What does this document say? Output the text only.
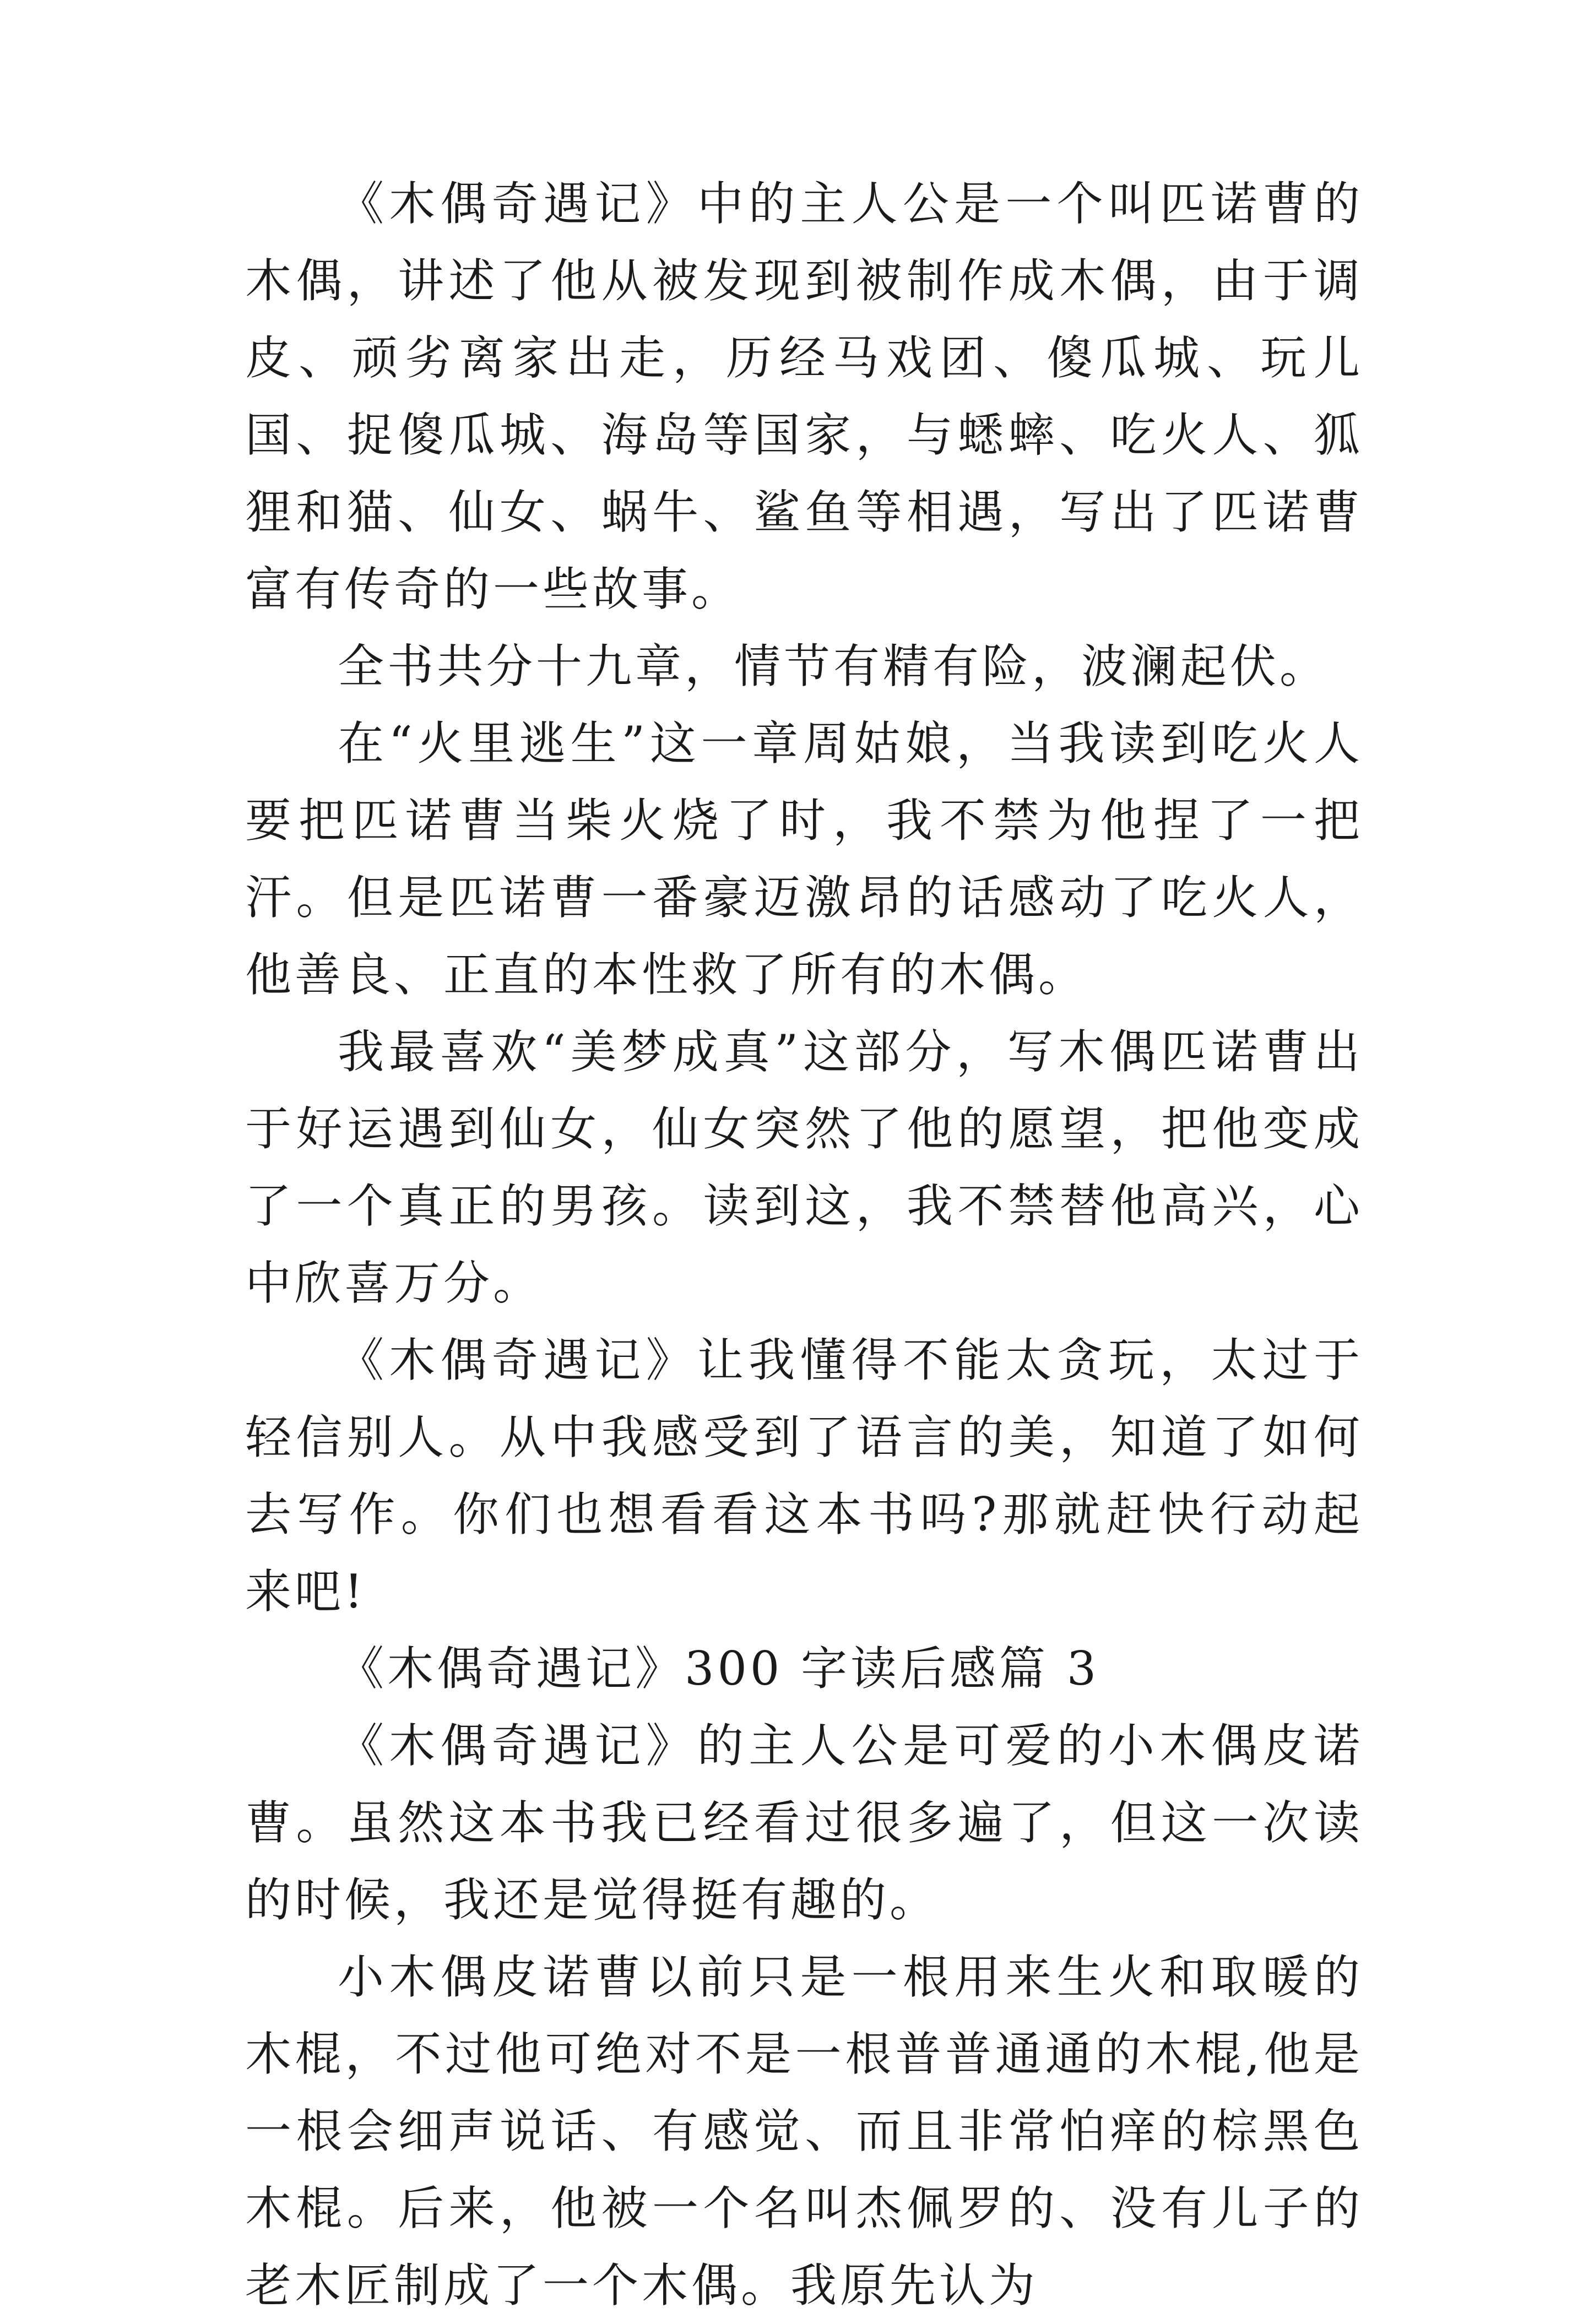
《木偶奇遇记》中的主人公是一个叫匹诺曹的木偶，讲述了他从被发现到被制作成木偶，由于调皮、顽劣离家出走，历经马戏团、傻瓜城、玩儿国、捉傻瓜城、海岛等国家，与蟋蟀、吃火人、狐狸和猫、仙女、蜗牛、鲨鱼等相遇，写出了匹诺曹富有传奇的一些故事。

全书共分十九章，情节有精有险，波澜起伏。

在“火里逃生”这一章周姑娘，当我读到吃火人要把匹诺曹当柴火烧了时，我不禁为他捏了一把汗。但是匹诺曹一番豪迈激昂的话感动了吃火人，他善良、正直的本性救了所有的木偶。

我最喜欢“美梦成真”这部分，写木偶匹诺曹出于好运遇到仙女，仙女突然了他的愿望，把他变成了一个真正的男孩。读到这，我不禁替他高兴，心中欣喜万分。

《木偶奇遇记》让我懂得不能太贪玩，太过于轻信别人。从中我感受到了语言的美，知道了如何去写作。你们也想看看这本书吗?那就赶快行动起来吧!

《木偶奇遇记》300 字读后感篇 3

《木偶奇遇记》的主人公是可爱的小木偶皮诺曹。虽然这本书我已经看过很多遍了，但这一次读的时候，我还是觉得挺有趣的。

小木偶皮诺曹以前只是一根用来生火和取暖的木棍，不过他可绝对不是一根普普通通的木棍,他是一根会细声说话、有感觉、而且非常怕痒的棕黑色木棍。后来，他被一个名叫杰佩罗的、没有儿子的老木匠制成了一个木偶。我原先认为
